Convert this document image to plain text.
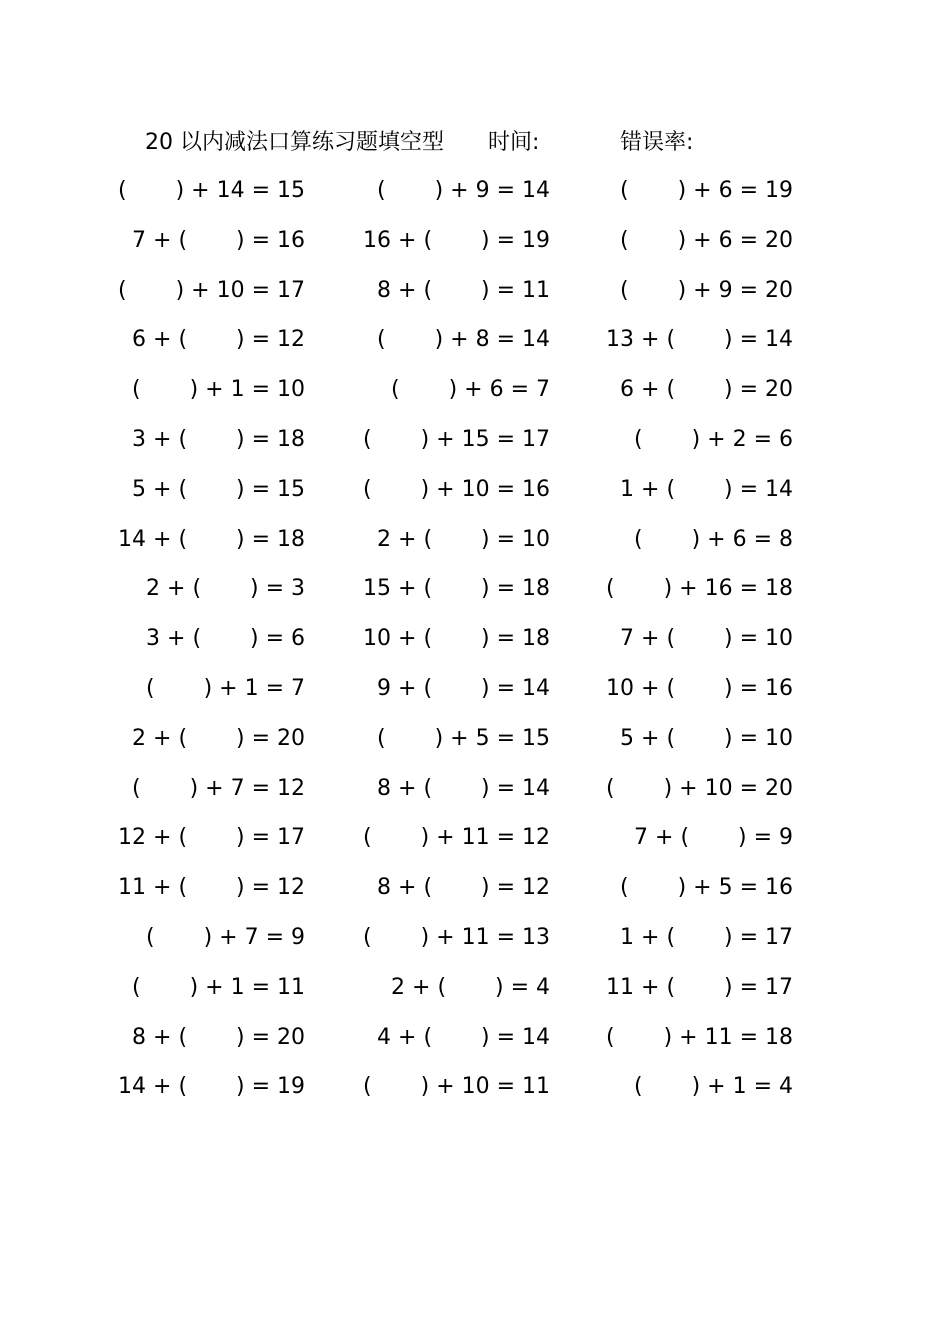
20 以内减法口算练习题填空型 时间:	错误率:
(       ) + 14 = 15	(       ) + 9 = 14	(       ) + 6 = 19
7 + (       ) = 16	16 + (       ) = 19	(       ) + 6 = 20
(       ) + 10 = 17	8 + (       ) = 11	(       ) + 9 = 20
6 + (       ) = 12	(       ) + 8 = 14	13 + (       ) = 14
(       ) + 1 = 10	(       ) + 6 = 7	6 + (       ) = 20
3 + (       ) = 18	(       ) + 15 = 17	(       ) + 2 = 6
5 + (       ) = 15	(       ) + 10 = 16	1 + (       ) = 14
14 + (       ) = 18	2 + (       ) = 10	(       ) + 6 = 8
2 + (       ) = 3	15 + (       ) = 18	(       ) + 16 = 18
3 + (       ) = 6	10 + (       ) = 18	7 + (       ) = 10
(       ) + 1 = 7	9 + (       ) = 14	10 + (       ) = 16
2 + (       ) = 20	(       ) + 5 = 15	5 + (       ) = 10
(       ) + 7 = 12	8 + (       ) = 14	(       ) + 10 = 20
12 + (       ) = 17	(       ) + 11 = 12	7 + (       ) = 9
11 + (       ) = 12	8 + (       ) = 12	(       ) + 5 = 16
(       ) + 7 = 9	(       ) + 11 = 13	1 + (       ) = 17
(       ) + 1 = 11	2 + (       ) = 4	11 + (       ) = 17
8 + (       ) = 20	4 + (       ) = 14	(       ) + 11 = 18
14 + (       ) = 19	(       ) + 10 = 11	(       ) + 1 = 4
